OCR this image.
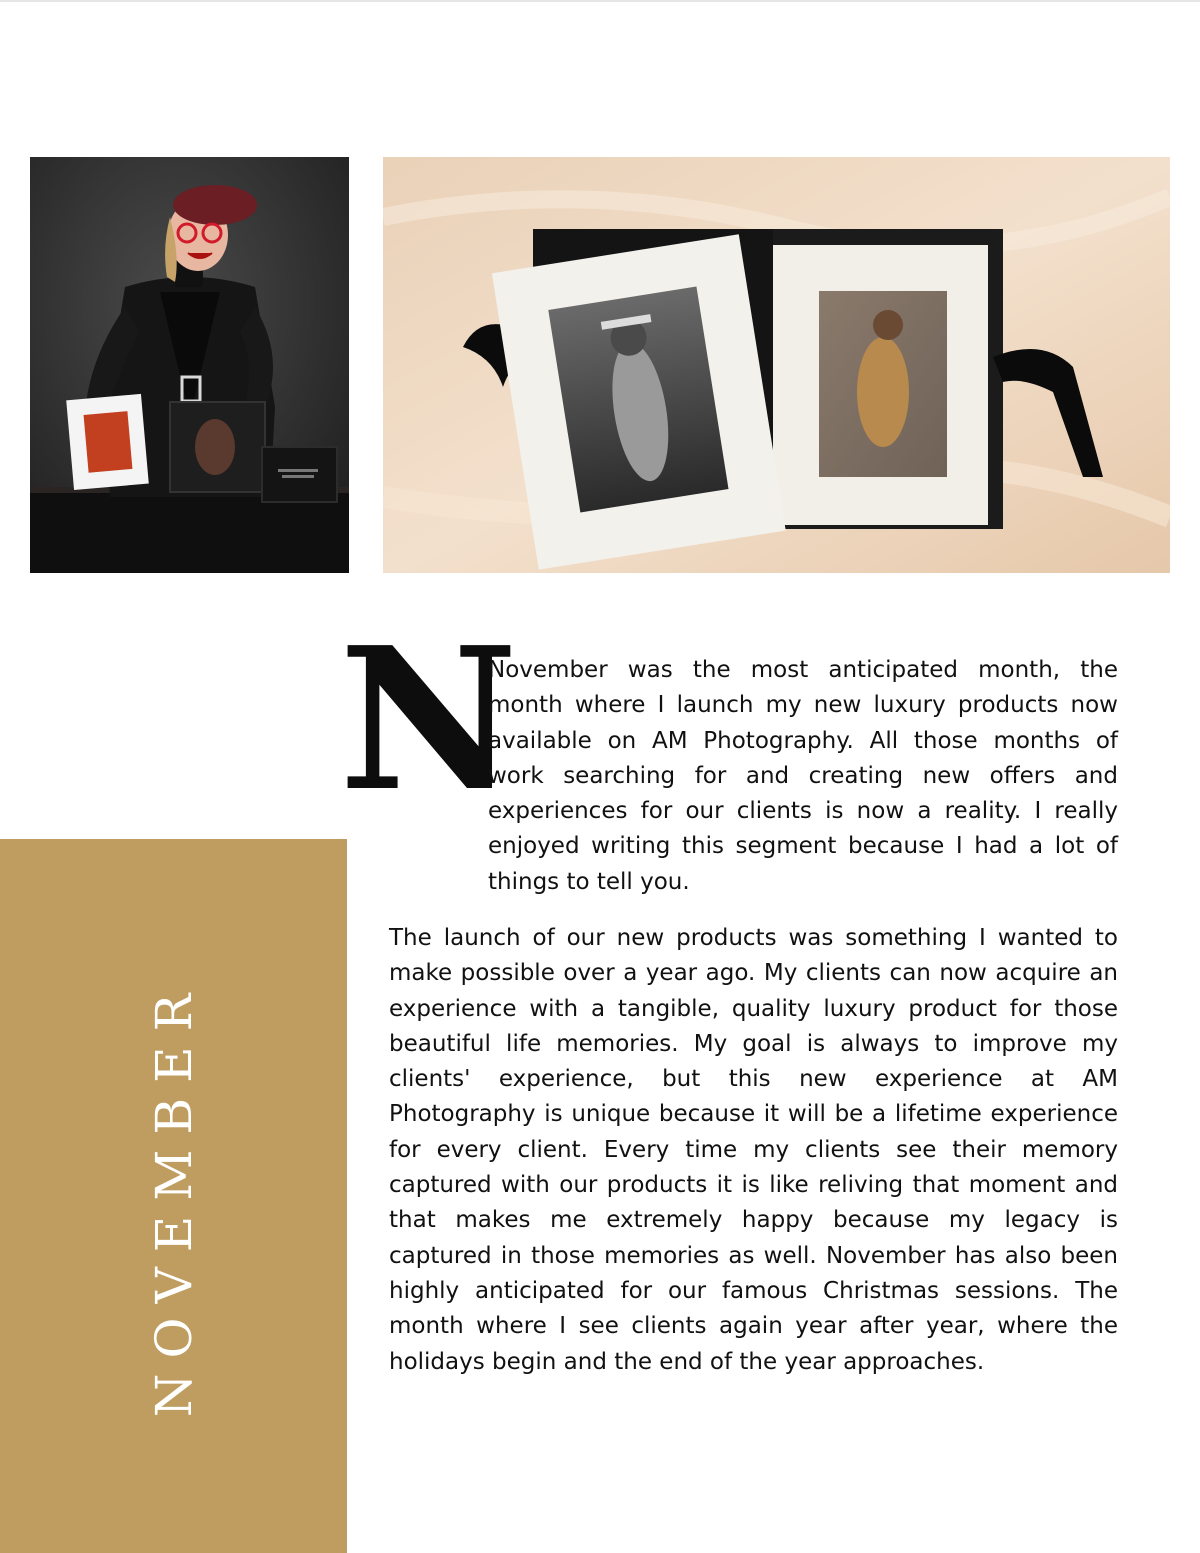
NOVEMBER
N

November was the most anticipated month, the month where I launch my new luxury products now available on AM Photography. All those months of work searching for and creating new offers and experiences for our clients is now a reality. I really enjoyed writing this segment because I had a lot of things to tell you.

The launch of our new products was something I wanted to make possible over a year ago. My clients can now acquire an experience with a tangible, quality luxury product for those beautiful life memories. My goal is always to improve my clients' experience, but this new experience at AM Photography is unique because it will be a lifetime experience for every client. Every time my clients see their memory captured with our products it is like reliving that moment and that makes me extremely happy because my legacy is captured in those memories as well. November has also been highly anticipated for our famous Christmas sessions. The month where I see clients again year after year, where the holidays begin and the end of the year approaches.
